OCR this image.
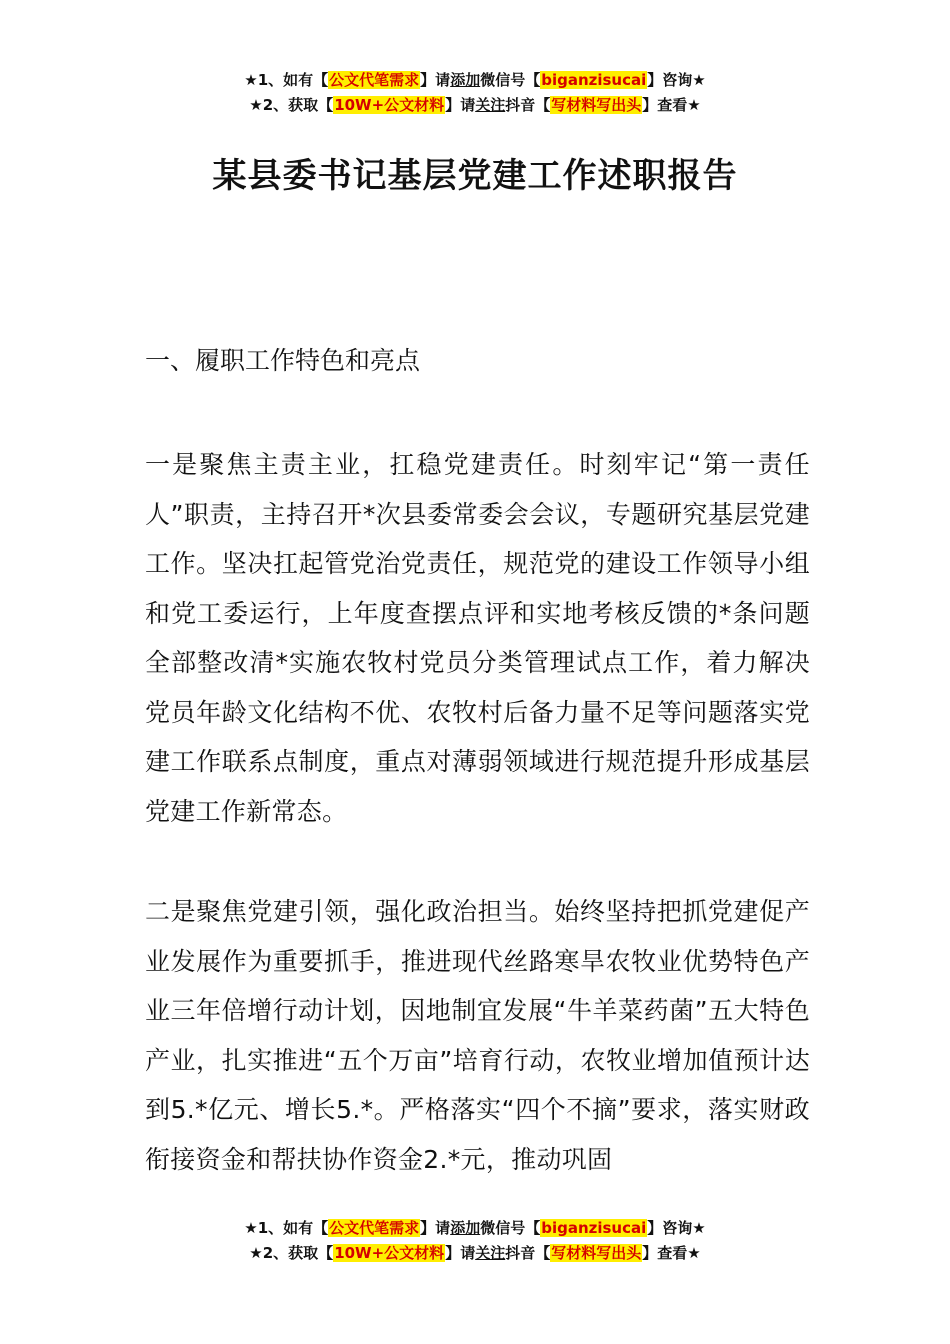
★1、如有【公文代笔需求】请添加微信号【biganzisucai】咨询★
★2、获取【10W+公文材料】请关注抖音【写材料写出头】查看★
某县委书记基层党建工作述职报告

一、履职工作特色和亮点

一是聚焦主责主业，扛稳党建责任。时刻牢记“第一责任人”职责，主持召开*次县委常委会会议，专题研究基层党建工作。坚决扛起管党治党责任，规范党的建设工作领导小组和党工委运行，上年度查摆点评和实地考核反馈的*条问题全部整改清*实施农牧村党员分类管理试点工作，着力解决党员年龄文化结构不优、农牧村后备力量不足等问题落实党建工作联系点制度，重点对薄弱领域进行规范提升形成基层党建工作新常态。

二是聚焦党建引领，强化政治担当。始终坚持把抓党建促产业发展作为重要抓手，推进现代丝路寒旱农牧业优势特色产业三年倍增行动计划，因地制宜发展“牛羊菜药菌”五大特色产业，扎实推进“五个万亩”培育行动，农牧业增加值预计达到5.*亿元、增长5.*。严格落实“四个不摘”要求，落实财政衔接资金和帮扶协作资金2.*元，推动巩固

★1、如有【公文代笔需求】请添加微信号【biganzisucai】咨询★
★2、获取【10W+公文材料】请关注抖音【写材料写出头】查看★
